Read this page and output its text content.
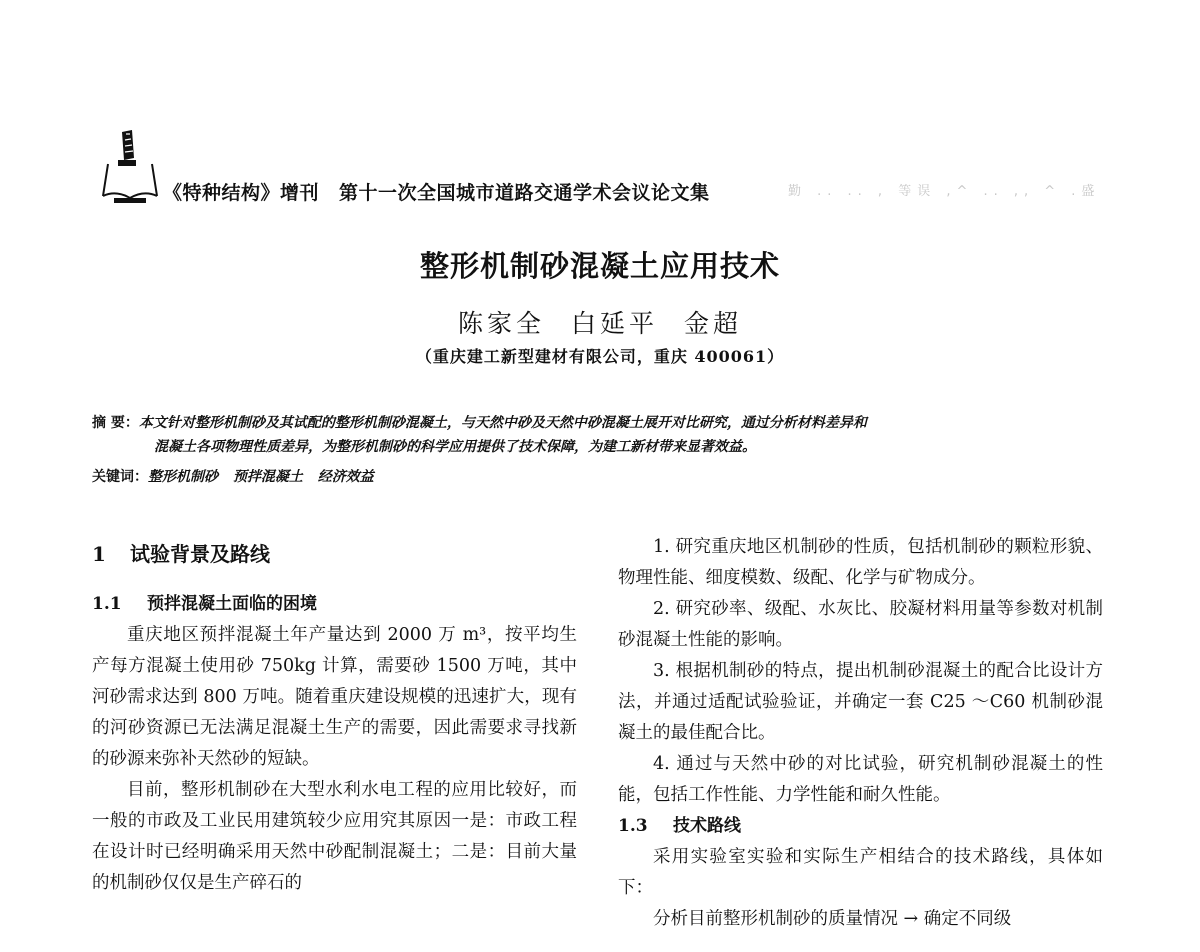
《特种结构》增刊 第十一次全国城市道路交通学术会议论文集	勤 .. .. , 等误 ,^ .. ,, ^ .盛
整形机制砂混凝土应用技术
陈家全 白延平 金超
（重庆建工新型建材有限公司，重庆 400061）
摘 要：本文针对整形机制砂及其试配的整形机制砂混凝土，与天然中砂及天然中砂混凝土展开对比研究，通过分析材料差异和
混凝土各项物理性质差异，为整形机制砂的科学应用提供了技术保障，为建工新材带来显著效益。
关键词：整形机制砂 预拌混凝土 经济效益
1 试验背景及路线
1.1 预拌混凝土面临的困境

重庆地区预拌混凝土年产量达到 2000 万 m³，按平均生产每方混凝土使用砂 750kg 计算，需要砂 1500 万吨，其中河砂需求达到 800 万吨。随着重庆建设规模的迅速扩大，现有的河砂资源已无法满足混凝土生产的需要，因此需要求寻找新的砂源来弥补天然砂的短缺。

目前，整形机制砂在大型水利水电工程的应用比较好，而一般的市政及工业民用建筑较少应用究其原因一是：市政工程在设计时已经明确采用天然中砂配制混凝土；二是：目前大量的机制砂仅仅是生产碎石的

1. 研究重庆地区机制砂的性质，包括机制砂的颗粒形貌、物理性能、细度模数、级配、化学与矿物成分。

2. 研究砂率、级配、水灰比、胶凝材料用量等参数对机制砂混凝土性能的影响。

3. 根据机制砂的特点，提出机制砂混凝土的配合比设计方法，并通过适配试验验证，并确定一套 C25 ～C60 机制砂混凝土的最佳配合比。

4. 通过与天然中砂的对比试验，研究机制砂混凝土的性能，包括工作性能、力学性能和耐久性能。

1.3 技术路线

采用实验室实验和实际生产相结合的技术路线，具体如下：

分析目前整形机制砂的质量情况 → 确定不同级
